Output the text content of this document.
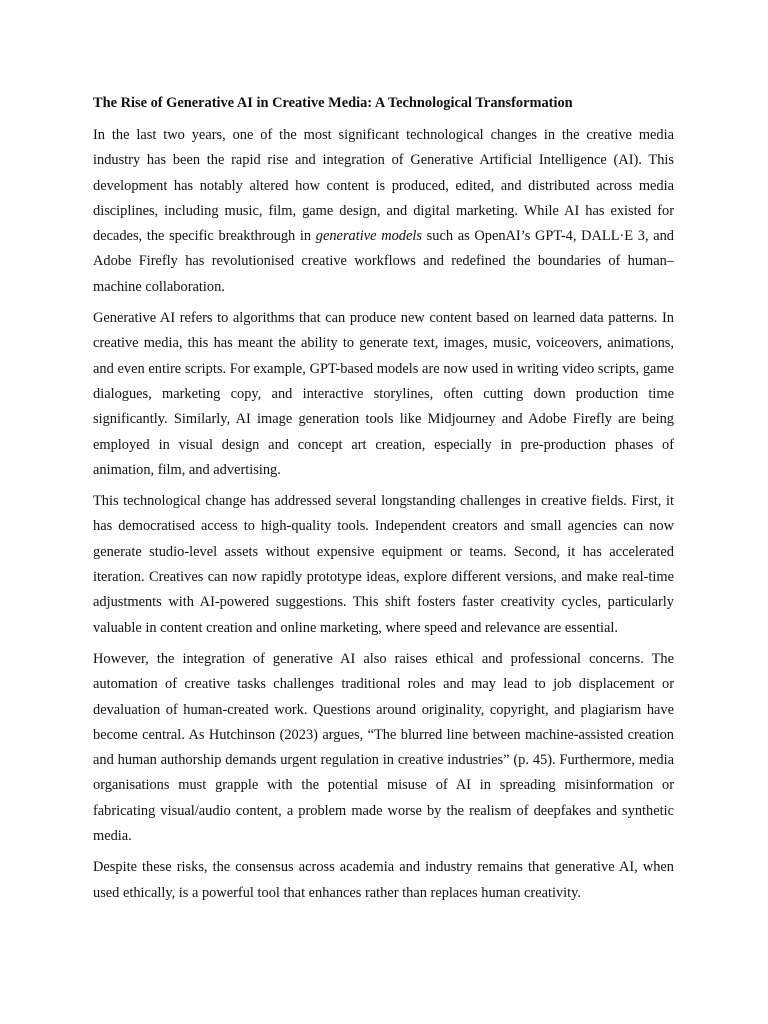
The Rise of Generative AI in Creative Media: A Technological Transformation

In the last two years, one of the most significant technological changes in the creative media industry has been the rapid rise and integration of Generative Artificial Intelligence (AI). This development has notably altered how content is produced, edited, and distributed across media disciplines, including music, film, game design, and digital marketing. While AI has existed for decades, the specific breakthrough in generative models such as OpenAI’s GPT-4, DALL·E 3, and Adobe Firefly has revolutionised creative workflows and redefined the boundaries of human–machine collaboration.

Generative AI refers to algorithms that can produce new content based on learned data patterns. In creative media, this has meant the ability to generate text, images, music, voiceovers, animations, and even entire scripts. For example, GPT-based models are now used in writing video scripts, game dialogues, marketing copy, and interactive storylines, often cutting down production time significantly. Similarly, AI image generation tools like Midjourney and Adobe Firefly are being employed in visual design and concept art creation, especially in pre-production phases of animation, film, and advertising.

This technological change has addressed several longstanding challenges in creative fields. First, it has democratised access to high-quality tools. Independent creators and small agencies can now generate studio-level assets without expensive equipment or teams. Second, it has accelerated iteration. Creatives can now rapidly prototype ideas, explore different versions, and make real-time adjustments with AI-powered suggestions. This shift fosters faster creativity cycles, particularly valuable in content creation and online marketing, where speed and relevance are essential.

However, the integration of generative AI also raises ethical and professional concerns. The automation of creative tasks challenges traditional roles and may lead to job displacement or devaluation of human-created work. Questions around originality, copyright, and plagiarism have become central. As Hutchinson (2023) argues, “The blurred line between machine-assisted creation and human authorship demands urgent regulation in creative industries” (p. 45). Furthermore, media organisations must grapple with the potential misuse of AI in spreading misinformation or fabricating visual/audio content, a problem made worse by the realism of deepfakes and synthetic media.

Despite these risks, the consensus across academia and industry remains that generative AI, when used ethically, is a powerful tool that enhances rather than replaces human creativity.
